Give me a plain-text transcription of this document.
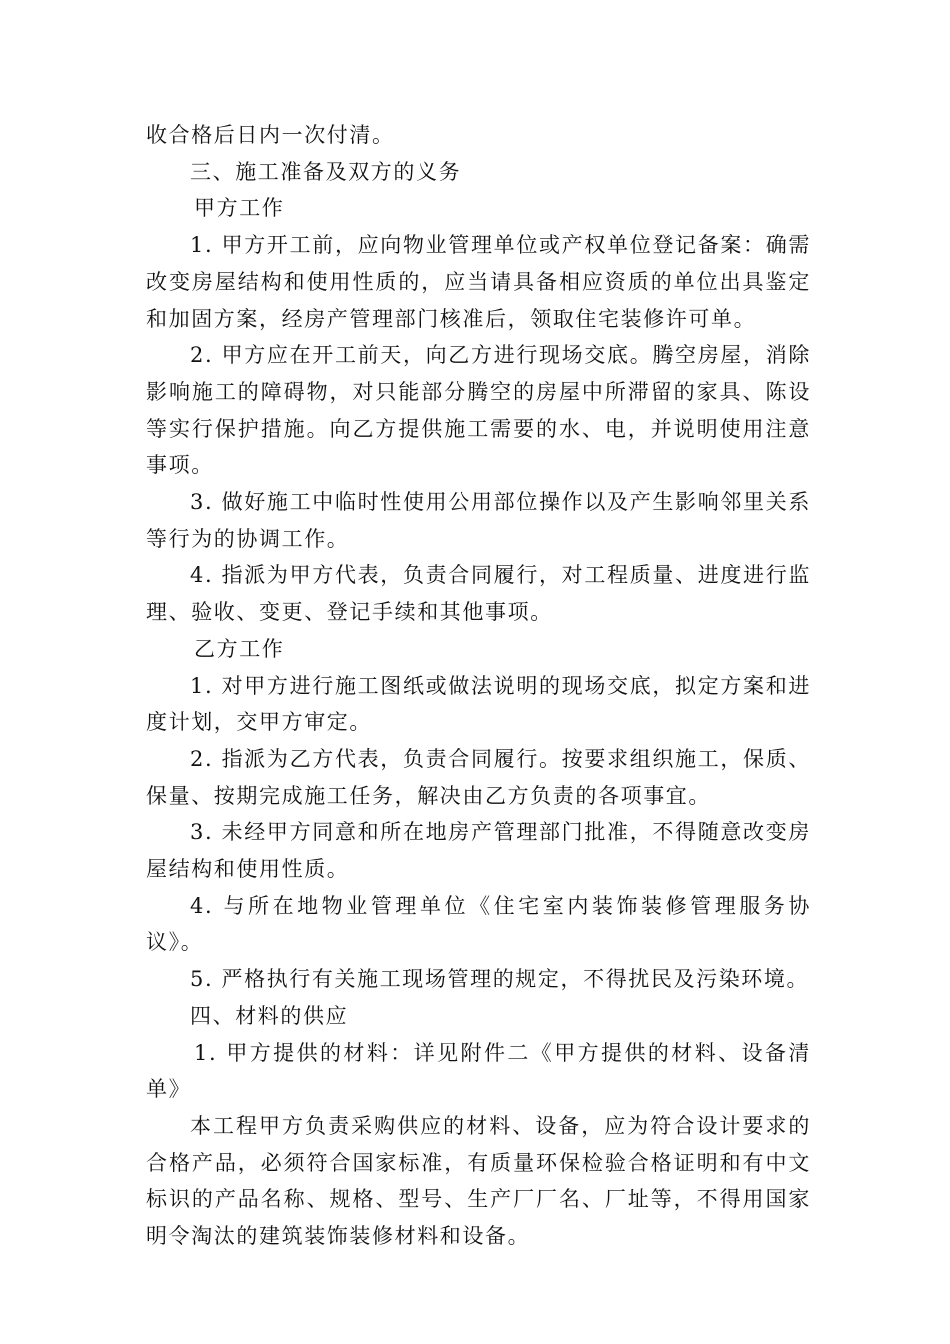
收合格后日内一次付清。

三、施工准备及双方的义务

甲方工作

1. 甲方开工前，应向物业管理单位或产权单位登记备案：确需改变房屋结构和使用性质的，应当请具备相应资质的单位出具鉴定和加固方案，经房产管理部门核准后，领取住宅装修许可单。

2. 甲方应在开工前天，向乙方进行现场交底。腾空房屋，消除影响施工的障碍物，对只能部分腾空的房屋中所滞留的家具、陈设等实行保护措施。向乙方提供施工需要的水、电，并说明使用注意事项。

3. 做好施工中临时性使用公用部位操作以及产生影响邻里关系等行为的协调工作。

4. 指派为甲方代表，负责合同履行，对工程质量、进度进行监理、验收、变更、登记手续和其他事项。

乙方工作

1. 对甲方进行施工图纸或做法说明的现场交底，拟定方案和进度计划，交甲方审定。

2. 指派为乙方代表，负责合同履行。按要求组织施工，保质、保量、按期完成施工任务，解决由乙方负责的各项事宜。

3. 未经甲方同意和所在地房产管理部门批准，不得随意改变房屋结构和使用性质。

4. 与所在地物业管理单位《住宅室内装饰装修管理服务协议》。

5. 严格执行有关施工现场管理的规定，不得扰民及污染环境。

四、材料的供应

1. 甲方提供的材料：详见附件二《甲方提供的材料、设备清单》

本工程甲方负责采购供应的材料、设备，应为符合设计要求的合格产品，必须符合国家标准，有质量环保检验合格证明和有中文标识的产品名称、规格、型号、生产厂厂名、厂址等，不得用国家明令淘汰的建筑装饰装修材料和设备。
